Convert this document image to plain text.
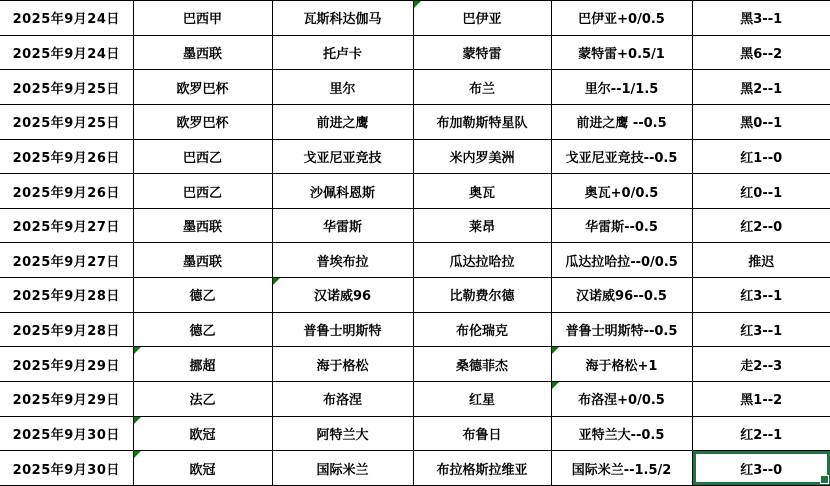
2025年9月24日	巴西甲	瓦斯科达伽马	巴伊亚	巴伊亚+0/0.5	黑3--1
2025年9月24日	墨西联	托卢卡	蒙特雷	蒙特雷+0.5/1	黑6--2
2025年9月25日	欧罗巴杯	里尔	布兰	里尔--1/1.5	黑2--1
2025年9月25日	欧罗巴杯	前进之鹰	布加勒斯特星队	前进之鹰 --0.5	黑0--1
2025年9月26日	巴西乙	戈亚尼亚竞技	米内罗美洲	戈亚尼亚竞技--0.5	红1--0
2025年9月26日	巴西乙	沙佩科恩斯	奥瓦	奥瓦+0/0.5	红0--1
2025年9月27日	墨西联	华雷斯	莱昂	华雷斯--0.5	红2--0
2025年9月27日	墨西联	普埃布拉	瓜达拉哈拉	瓜达拉哈拉--0/0.5	推迟
2025年9月28日	德乙	汉诺威96	比勒费尔德	汉诺威96--0.5	红3--1
2025年9月28日	德乙	普鲁士明斯特	布伦瑞克	普鲁士明斯特--0.5	红3--1
2025年9月29日	挪超	海于格松	桑德菲杰	海于格松+1	走2--3
2025年9月29日	法乙	布洛涅	红星	布洛涅+0/0.5	黑1--2
2025年9月30日	欧冠	阿特兰大	布鲁日	亚特兰大--0.5	红2--1
2025年9月30日	欧冠	国际米兰	布拉格斯拉维亚	国际米兰--1.5/2	红3--0
